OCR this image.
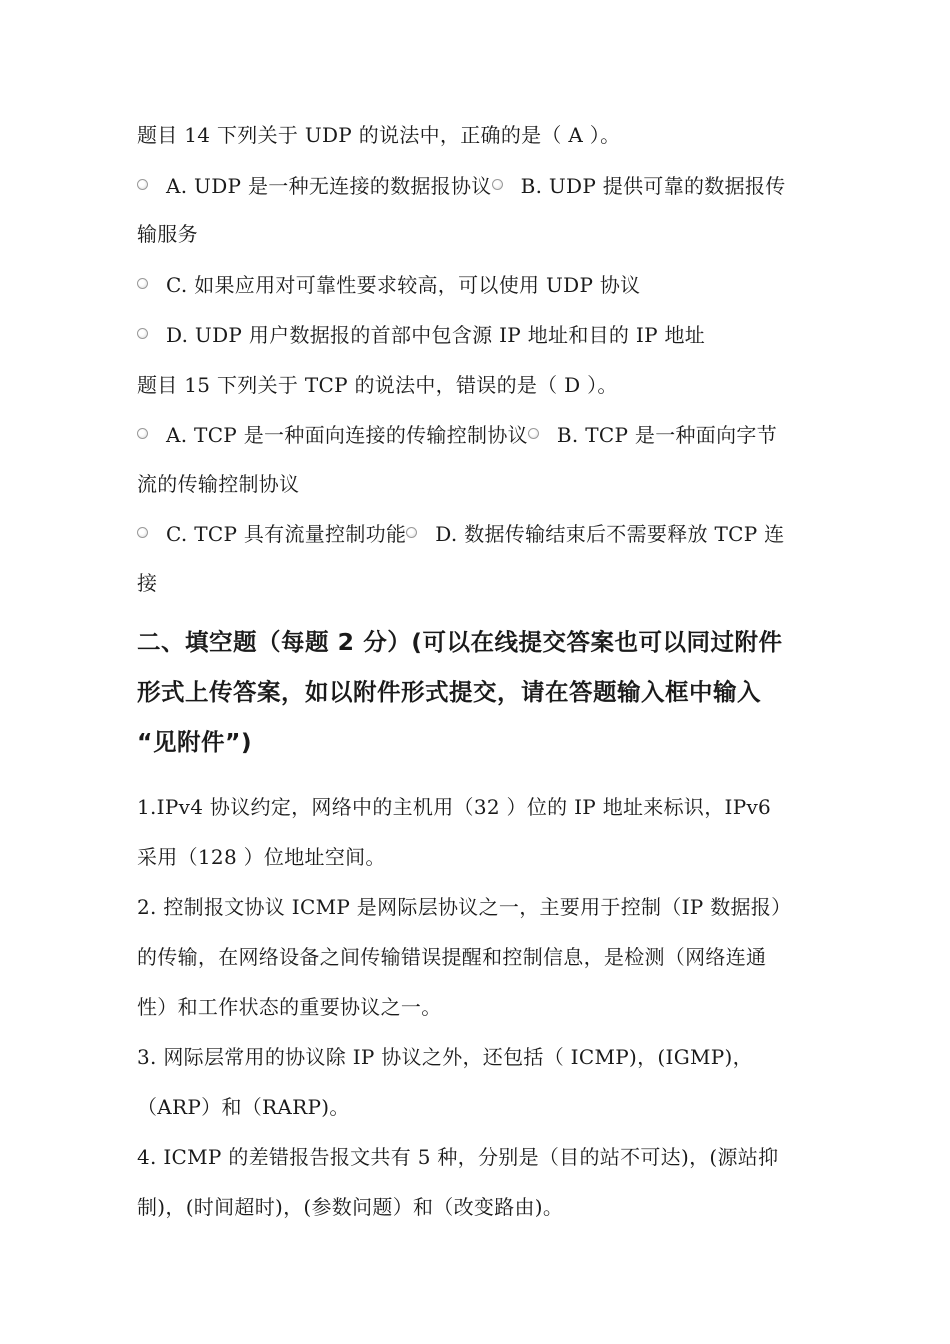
题目 14 下列关于 UDP 的说法中，正确的是（ A ）。
A. UDP 是一种无连接的数据报协议 B. UDP 提供可靠的数据报传
输服务
C. 如果应用对可靠性要求较高，可以使用 UDP 协议
D. UDP 用户数据报的首部中包含源 IP 地址和目的 IP 地址
题目 15 下列关于 TCP 的说法中，错误的是（ D ）。
A. TCP 是一种面向连接的传输控制协议 B. TCP 是一种面向字节
流的传输控制协议
C. TCP 具有流量控制功能 D. 数据传输结束后不需要释放 TCP 连
接
二、填空题（每题 2 分）(可以在线提交答案也可以同过附件
形式上传答案，如以附件形式提交，请在答题输入框中输入
“见附件”)
1.IPv4 协议约定，网络中的主机用（32 ）位的 IP 地址来标识，IPv6
采用（128 ）位地址空间。
2. 控制报文协议 ICMP 是网际层协议之一，主要用于控制（IP 数据报）
的传输，在网络设备之间传输错误提醒和控制信息，是检测（网络连通
性）和工作状态的重要协议之一。
3. 网际层常用的协议除 IP 协议之外，还包括（ ICMP)，(IGMP)，
（ARP）和（RARP)。
4. ICMP 的差错报告报文共有 5 种，分别是（目的站不可达)，(源站抑
制)，(时间超时)，(参数问题）和（改变路由)。
